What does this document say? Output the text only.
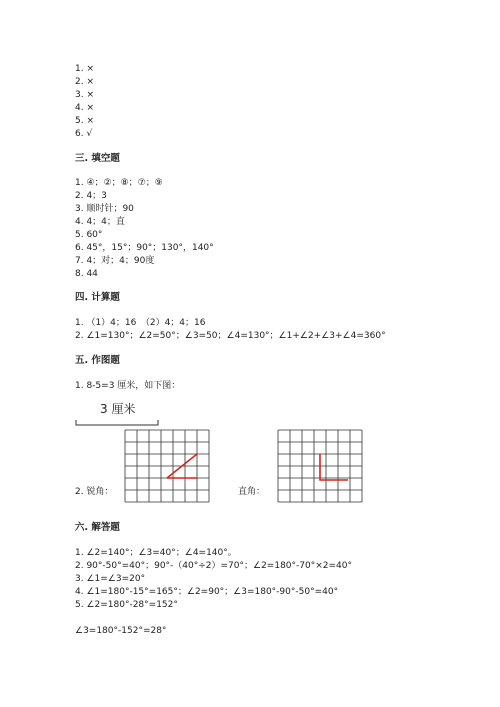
1. ×
2. ×
3. ×
4. ×
5. ×
6. √
三. 填空题
1. ④；②；⑧；⑦；⑨
2. 4；3
3. 顺时针；90
4. 4；4；直
5. 60°
6. 45°，15°；90°；130°，140°
7. 4；对；4；90度
8. 44
四. 计算题
1. （1）4；16　（2）4；4；16
2. ∠1=130°；∠2=50°；∠3=50；∠4=130°；∠1+∠2+∠3+∠4=360°
五. 作图题
1. 8-5=3 厘米，如下图：
3 厘米
2. 锐角：	直角：
六. 解答题
1. ∠2=140°；∠3=40°；∠4=140°。
2. 90°-50°=40°；90°-（40°÷2）=70°；∠2=180°-70°×2=40°
3. ∠1=∠3=20°
4. ∠1=180°-15°=165°；∠2=90°；∠3=180°-90°-50°=40°
5. ∠2=180°-28°=152°
∠3=180°-152°=28°
